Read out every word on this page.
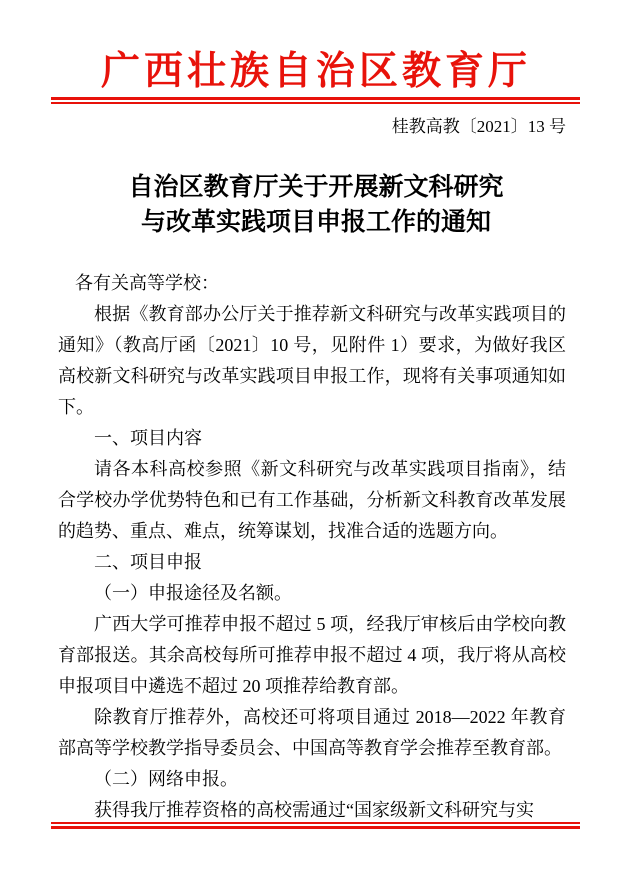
广西壮族自治区教育厅
桂教高教〔2021〕13 号
自治区教育厅关于开展新文科研究
与改革实践项目申报工作的通知

各有关高等学校：

根据《教育部办公厅关于推荐新文科研究与改革实践项目的通知》（教高厅函〔2021〕10 号，见附件 1）要求，为做好我区高校新文科研究与改革实践项目申报工作，现将有关事项通知如下。

一、项目内容

请各本科高校参照《新文科研究与改革实践项目指南》，结合学校办学优势特色和已有工作基础，分析新文科教育改革发展的趋势、重点、难点，统筹谋划，找准合适的选题方向。

二、项目申报

（一）申报途径及名额。

广西大学可推荐申报不超过 5 项，经我厅审核后由学校向教育部报送。其余高校每所可推荐申报不超过 4 项，我厅将从高校申报项目中遴选不超过 20 项推荐给教育部。

除教育厅推荐外，高校还可将项目通过 2018—2022 年教育部高等学校教学指导委员会、中国高等教育学会推荐至教育部。

（二）网络申报。

获得我厅推荐资格的高校需通过“国家级新文科研究与实
